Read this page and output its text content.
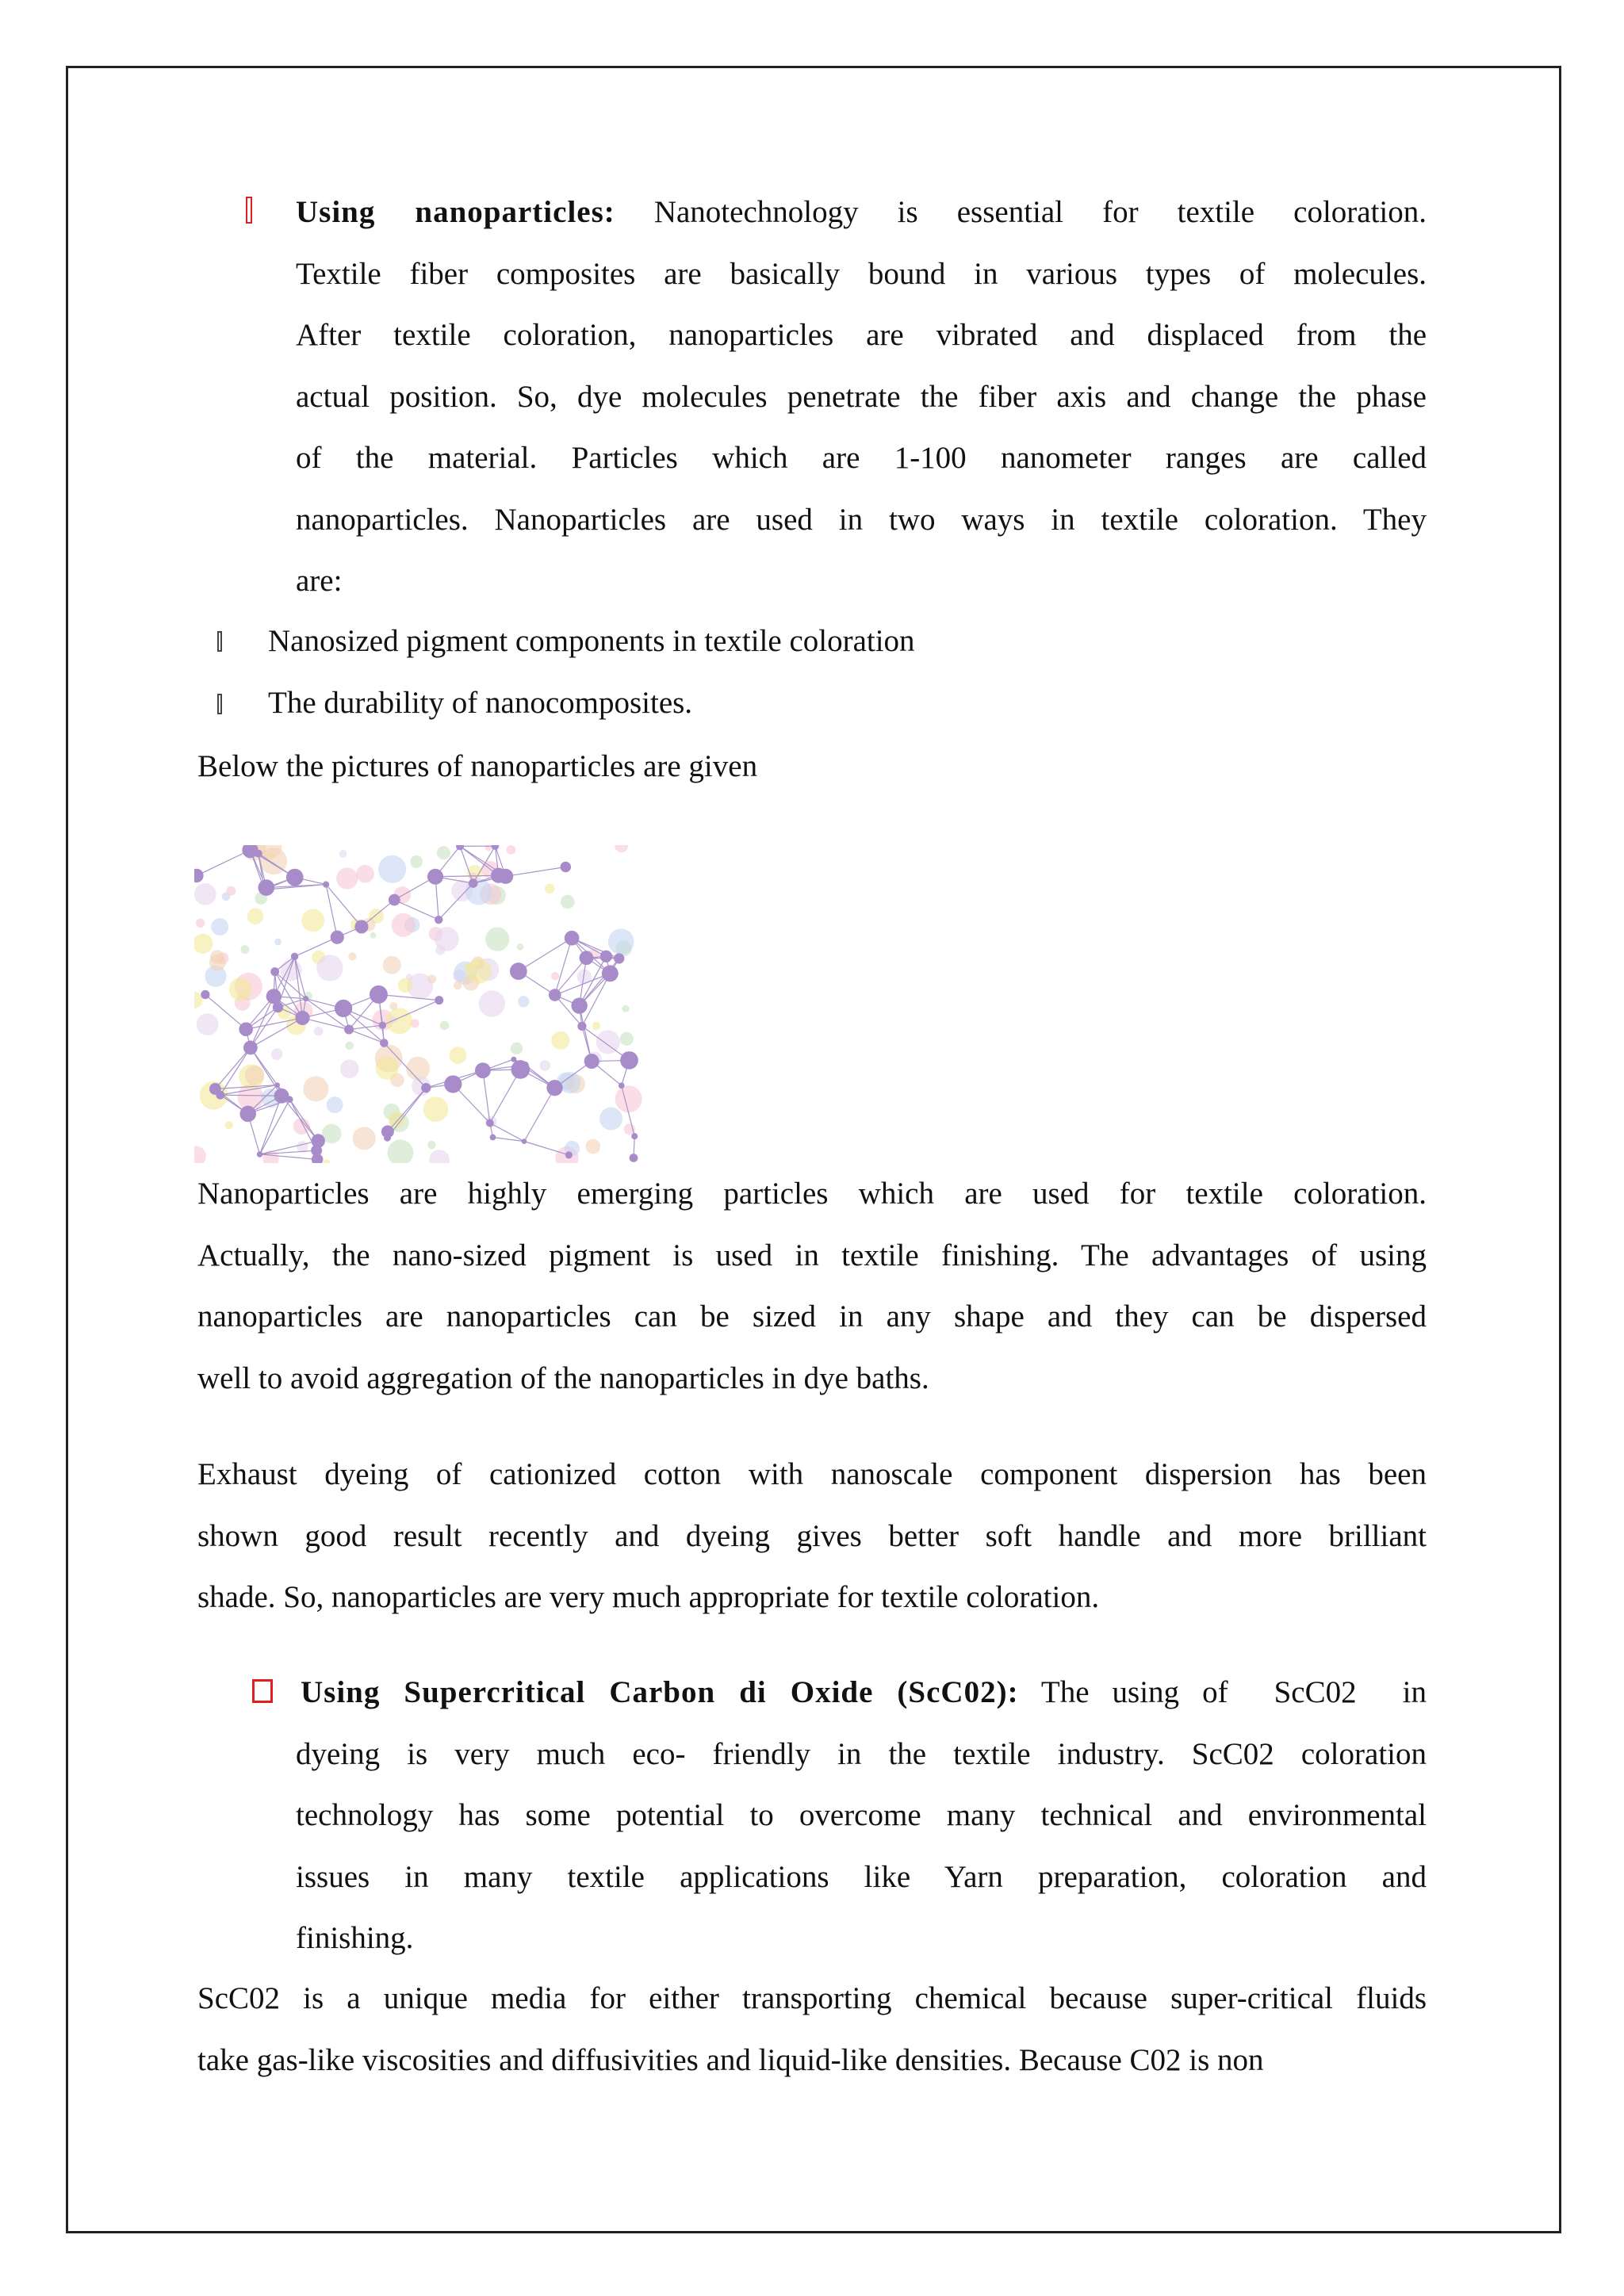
Using nanoparticles: Nanotechnology is essential for textile coloration.
Textile fiber composites are basically bound in various types of molecules.
After textile coloration, nanoparticles are vibrated and displaced from the
actual position. So, dye molecules penetrate the fiber axis and change the phase
of the material. Particles which are 1-100 nanometer ranges are called
nanoparticles. Nanoparticles are used in two ways in textile coloration. They
are:
Nanosized pigment components in textile coloration
The durability of nanocomposites.
Below the pictures of nanoparticles are given
Nanoparticles are highly emerging particles which are used for textile coloration.
Actually, the nano-sized pigment is used in textile finishing. The advantages of using
nanoparticles are nanoparticles can be sized in any shape and they can be dispersed
well to avoid aggregation of the nanoparticles in dye baths.
Exhaust dyeing of cationized cotton with nanoscale component dispersion has been
shown good result recently and dyeing gives better soft handle and more brilliant
shade. So, nanoparticles are very much appropriate for textile coloration.
Using Supercritical Carbon di Oxide (ScC02): The using of  ScC02  in
dyeing is very much eco- friendly in the textile industry. ScC02 coloration
technology has some potential to overcome many technical and environmental
issues in many textile applications like Yarn preparation, coloration and
finishing.
ScC02 is a unique media for either transporting chemical because super-critical fluids
take gas-like viscosities and diffusivities and liquid-like densities. Because C02 is non
